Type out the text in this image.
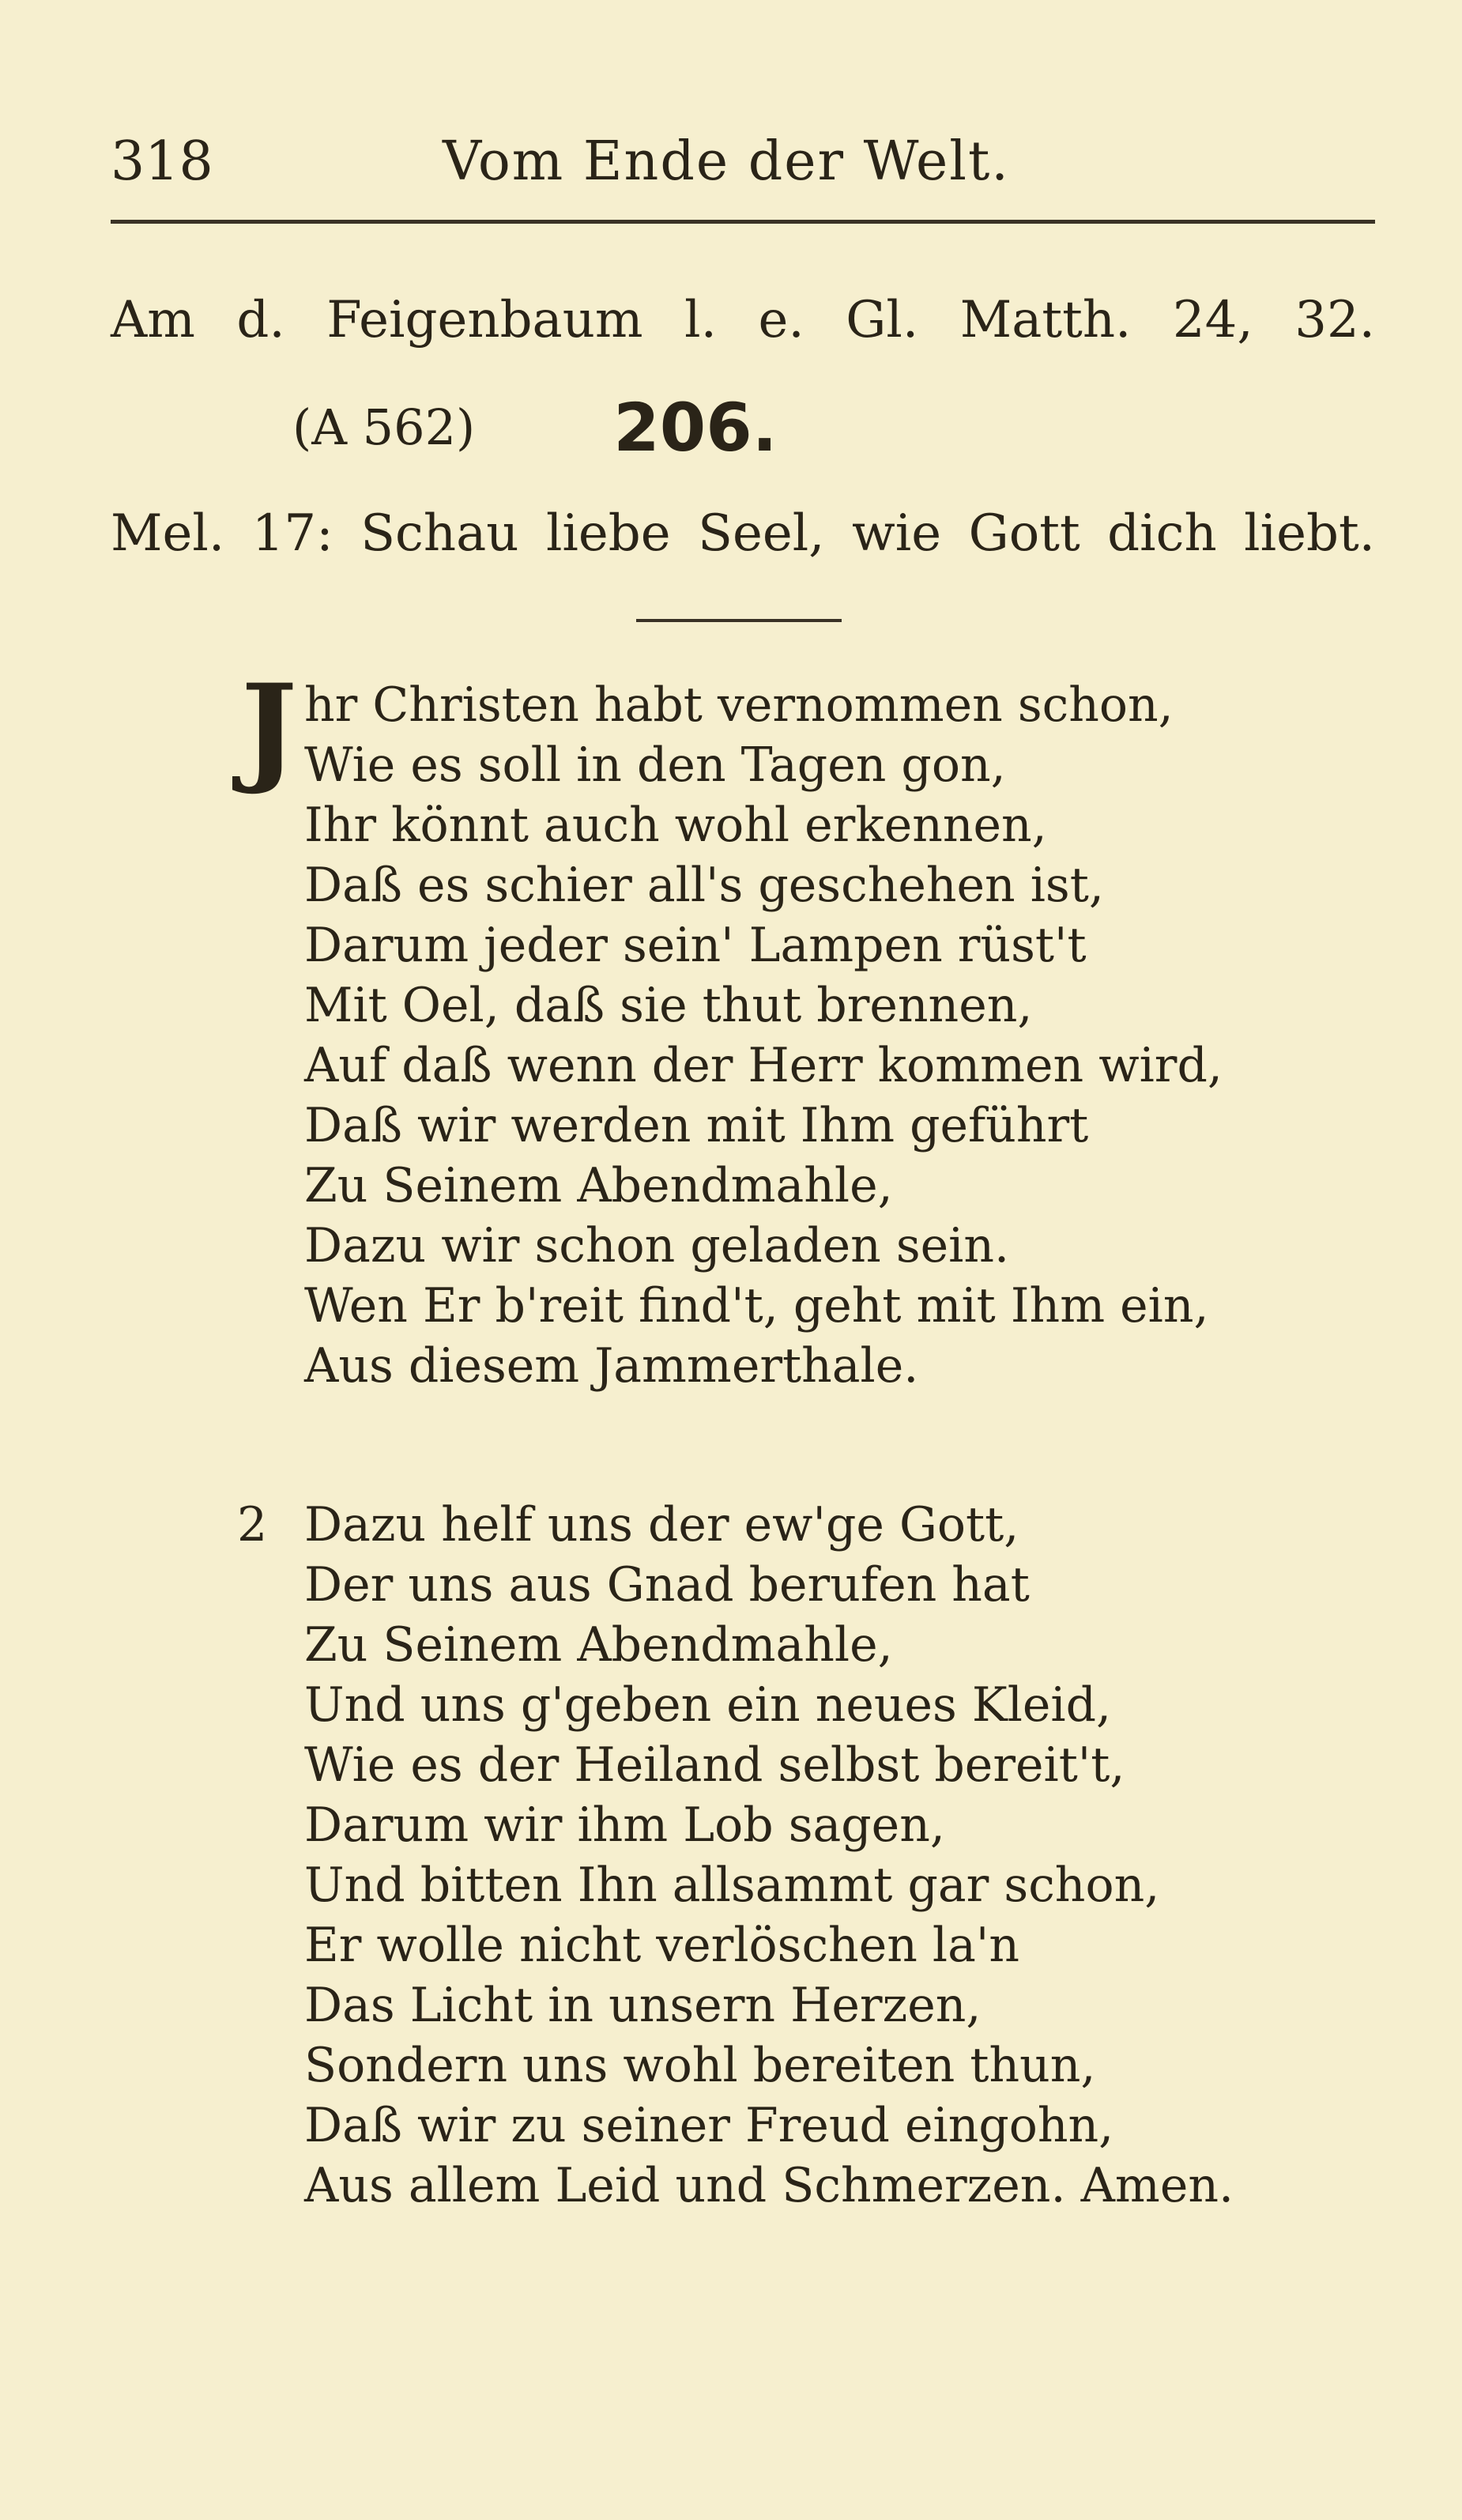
318	Vom Ende der Welt.
Am d. Feigenbaum l. e. Gl. Matth. 24, 32.
(A 562) 206.
Mel. 17: Schau liebe Seel, wie Gott dich liebt.
J hr Christen habt vernommen schon,
Wie es soll in den Tagen gon,
Ihr könnt auch wohl erkennen,
Daß es schier all's geschehen ist,
Darum jeder sein' Lampen rüst't
Mit Oel, daß sie thut brennen,
Auf daß wenn der Herr kommen wird,
Daß wir werden mit Ihm geführt
Zu Seinem Abendmahle,
Dazu wir schon geladen sein.
Wen Er b'reit find't, geht mit Ihm ein,
Aus diesem Jammerthale.
2 Dazu helf uns der ew'ge Gott,
Der uns aus Gnad berufen hat
Zu Seinem Abendmahle,
Und uns g'geben ein neues Kleid,
Wie es der Heiland selbst bereit't,
Darum wir ihm Lob sagen,
Und bitten Ihn allsammt gar schon,
Er wolle nicht verlöschen la'n
Das Licht in unsern Herzen,
Sondern uns wohl bereiten thun,
Daß wir zu seiner Freud eingohn,
Aus allem Leid und Schmerzen. Amen.
